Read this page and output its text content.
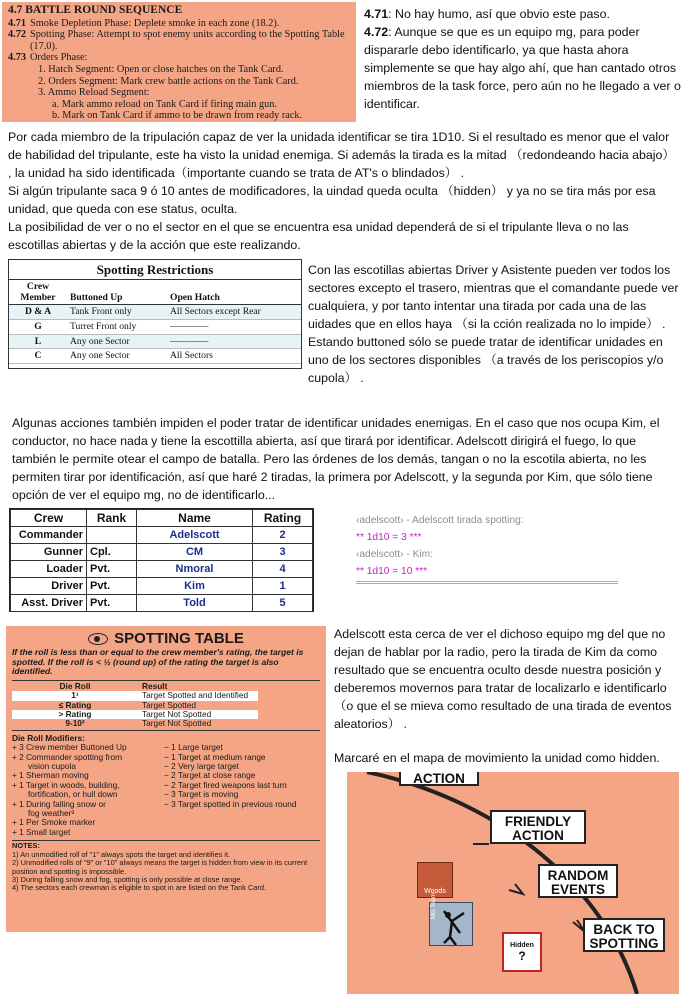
4.7 BATTLE ROUND SEQUENCE
4.71 Smoke Depletion Phase: Deplete smoke in each zone (18.2).
4.72 Spotting Phase: Attempt to spot enemy units according to the Spotting Table (17.0).
4.73 Orders Phase:
1. Hatch Segment: Open or close hatches on the Tank Card.
2. Orders Segment: Mark crew battle actions on the Tank Card.
3. Ammo Reload Segment:
a. Mark ammo reload on Tank Card if firing main gun.
b. Mark on Tank Card if ammo to be drawn from ready rack.
4.71: No hay humo, así que obvio este paso.
4.72: Aunque se que es un equipo mg, para poder dispararle debo identificarlo, ya que hasta ahora simplemente se que hay algo ahí, que han cantado otros miembros de la task force, pero aún no he llegado a ver o identificar.
Por cada miembro de la tripulación capaz de ver la unidada identificar se tira 1D10. Si el resultado es menor que el valor de habilidad del tripulante, este ha visto la unidad enemiga. Si además la tirada es la mitad （redondeando hacia abajo） , la unidad ha sido identificada（importante cuando se trata de AT's o blindados） .
Si algún tripulante saca 9 ó 10 antes de modificadores, la uindad queda oculta （hidden） y ya no se tira más por esa unidad, que queda con ese status, oculta.
La posibilidad de ver o no el sector en el que se encuentra esa unidad dependerá de si el tripulante lleva o no las escotillas abiertas y de la acción que este realizando.
Spotting Restrictions
Crew Member	Buttoned Up	Open Hatch
D & A	Tank Front only	All Sectors except Rear
G	Turret Front only	————
L	Any one Sector	————
C	Any one Sector	All Sectors
Con las escotillas abiertas Driver y Asistente pueden ver todos los sectores excepto el trasero, mientras que el comandante puede ver cualquiera, y por tanto intentar una tirada por cada una de las uidades que en ellos haya （si la cción realizada no lo impide） .
Estando buttoned sólo se puede tratar de identificar unidades en uno de los sectores disponibles （a través de los periscopios y/o cupola） .
Algunas acciones también impiden el poder tratar de identificar unidades enemigas. En el caso que nos ocupa Kim, el conductor, no hace nada y tiene la escottilla abierta, así que tirará por identificar. Adelscott dirigirá el fuego, lo que también le permite otear el campo de batalla. Pero las órdenes de los demás, tangan o no la escotila abierta, no les permiten tirar por identificación, así que haré 2 tiradas, la primera por Adelscott, y la segunda por Kim, que sólo tiene opción de ver el equipo mg, no de identificarlo...
Crew	Rank	Name	Rating
Commander		Adelscott	2
Gunner	Cpl.	CM	3
Loader	Pvt.	Nmoral	4
Driver	Pvt.	Kim	1
Asst. Driver	Pvt.	Told	5
‹adelscott› - Adelscott tirada spotting:
** 1d10 = 3 ***
‹adelscott› - Kim:
** 1d10 = 10 ***
SPOTTING TABLE
If the roll is less than or equal to the crew member's rating, the target is spotted. If the roll is < ½ (round up) of the rating the target is also identified.
Die Roll	Result
1¹	Target Spotted and Identified
≤ Rating	Target Spotted
> Rating	Target Not Spotted
9-10²	Target Not Spotted
Die Roll Modifiers:
+ 3 Crew member Buttoned Up
+ 2 Commander spotting from
vision cupola
+ 1 Sherman moving
+ 1 Target in woods, building,
fortification, or hull down
+ 1 During falling snow or
fog weather³
+ 1 Per Smoke marker
+ 1 Small target
− 1 Large target
− 1 Target at medium range
− 2 Very large target
− 2 Target at close range
− 2 Target fired weapons last turn
− 3 Target is moving
− 3 Target spotted in previous round
NOTES:
1) An unmodified roll of "1" always spots the target and identifies it.
2) Unmodified rolls of "9" or "10" always means the target is hidden from view in its current position and spotting is impossible.
3) During falling snow and fog, spotting is only possible at close range.
4) The sectors each crewman is eligible to spot in are listed on the Tank Card.
Adelscott esta cerca de ver el dichoso equipo mg del que no dejan de hablar por la radio, pero la tirada de Kim da como resultado que se encuentra oculto desde nuestra posición y deberemos movernos para tratar de localizarlo e identificarlo （o que el se mieva como resultado de una tirada de eventos aleatorios） .
Marcaré en el mapa de movimiento la unidad como hidden.
ACTION
FRIENDLY
ACTION
RANDOM
EVENTS
BACK TO
SPOTTING
Woods
MG Team
Hidden
?
